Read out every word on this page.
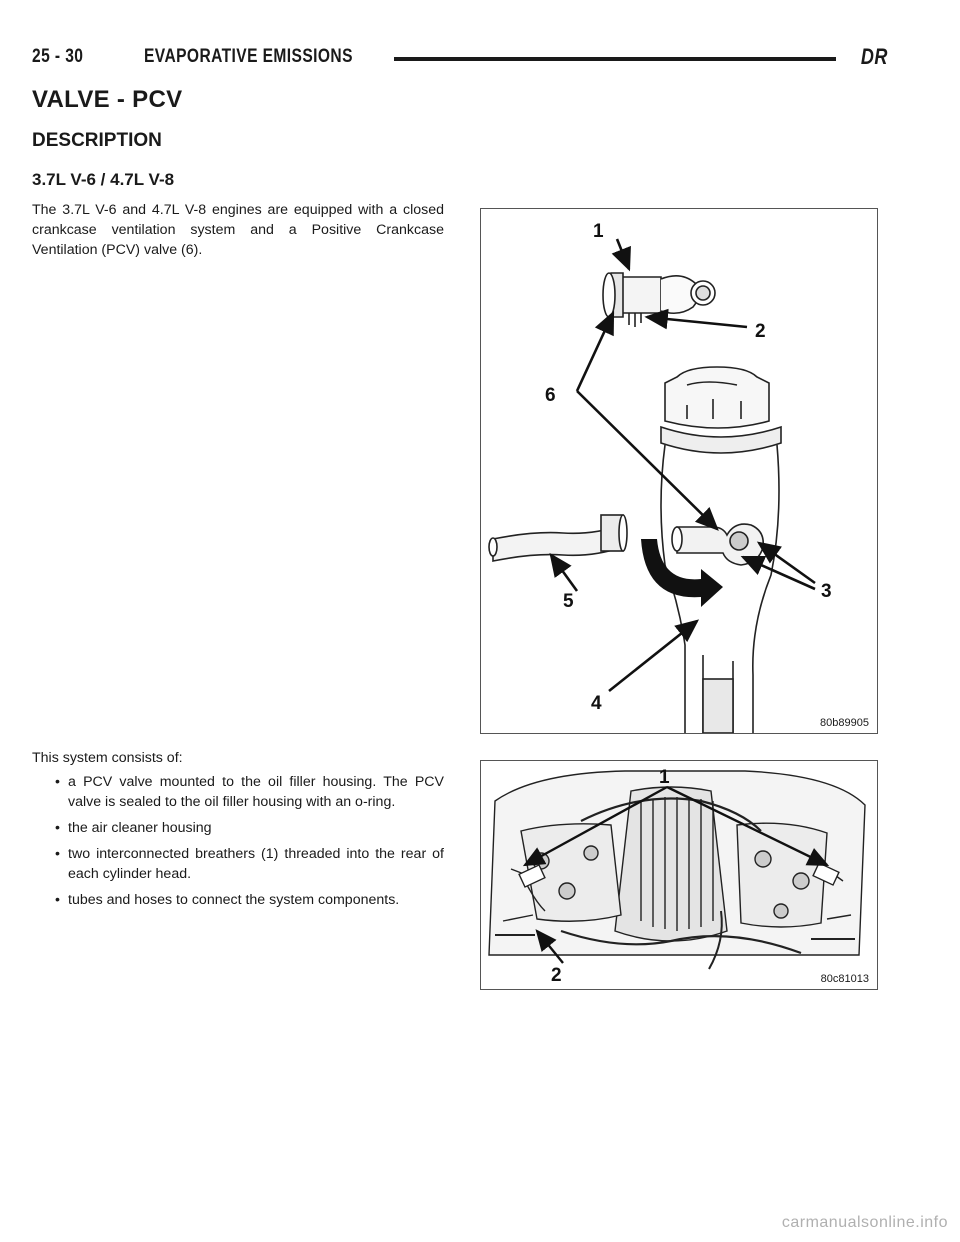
25 - 30	EVAPORATIVE EMISSIONS	DR
VALVE - PCV
DESCRIPTION
3.7L V-6 / 4.7L V-8

The 3.7L V-6 and 4.7L V-8 engines are equipped with a closed crankcase ventilation system and a Positive Crankcase Ventilation (PCV) valve (6).

This system consists of:

• a PCV valve mounted to the oil filler housing. The PCV valve is sealed to the oil filler housing with an o-ring.
• the air cleaner housing
• two interconnected breathers (1) threaded into the rear of each cylinder head.
• tubes and hoses to connect the system components.
1
2
3
4
5
6
80b89905
1
2	80c81013
carmanualsonline.info
